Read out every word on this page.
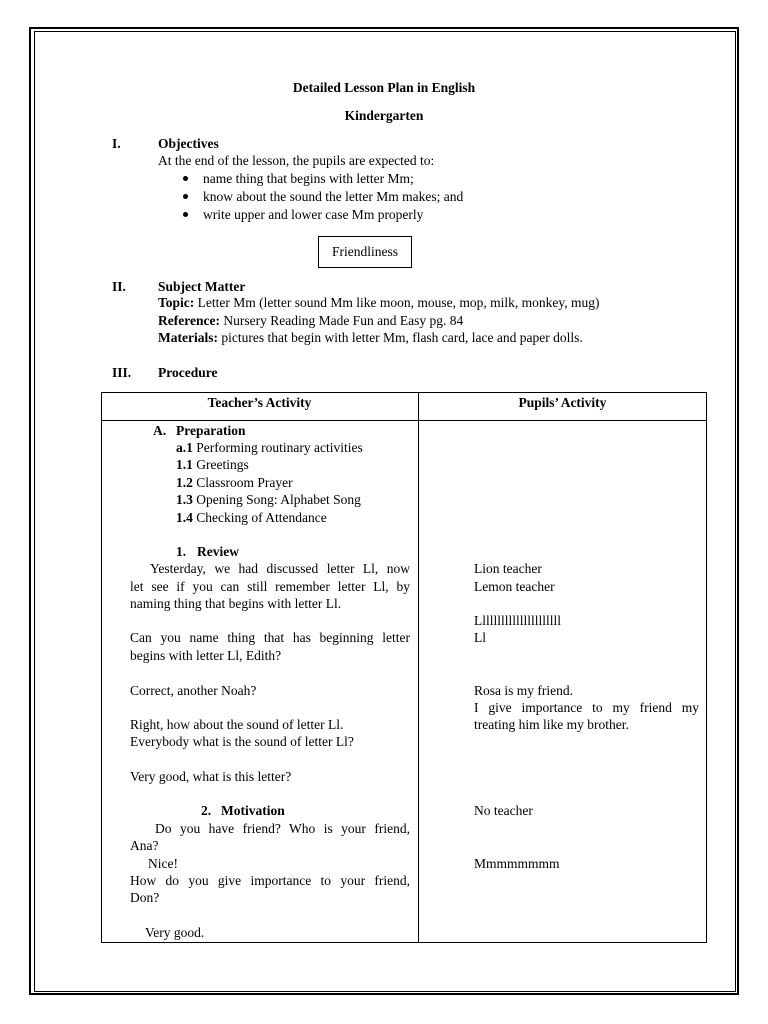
Detailed Lesson Plan in English
Kindergarten
I.	Objectives
At the end of the lesson, the pupils are expected to:
name thing that begins with letter Mm;
know about the sound the letter Mm makes; and
write upper and lower case Mm properly
Friendliness
II. Subject Matter
Topic: Letter Mm (letter sound Mm like moon, mouse, mop, milk, monkey, mug)
Reference: Nursery Reading Made Fun and Easy pg. 84
Materials: pictures that begin with letter Mm, flash card, lace and paper dolls.
III. Procedure
Teacher’s Activity	Pupils’ Activity
A. Preparation
a.1 Performing routinary activities
1.1 Greetings
1.2 Classroom Prayer
1.3 Opening Song: Alphabet Song
1.4 Checking of Attendance
1. Review
Yesterday, we had discussed letter Ll, now
let see if you can still remember letter Ll, by
naming thing that begins with letter Ll.
Can you name thing that has beginning letter
begins with letter Ll, Edith?
Correct, another Noah?
Right, how about the sound of letter Ll.
Everybody what is the sound of letter Ll?
Very good, what is this letter?
2. Motivation
Do you have friend? Who is your friend,
Ana?
Nice!
How do you give importance to your friend,
Don?
Very good.
Lion teacher
Lemon teacher
Llllllllllllllllllllll
Ll
Rosa is my friend.
I give importance to my friend my
treating him like my brother.
No teacher
Mmmmmmmm
